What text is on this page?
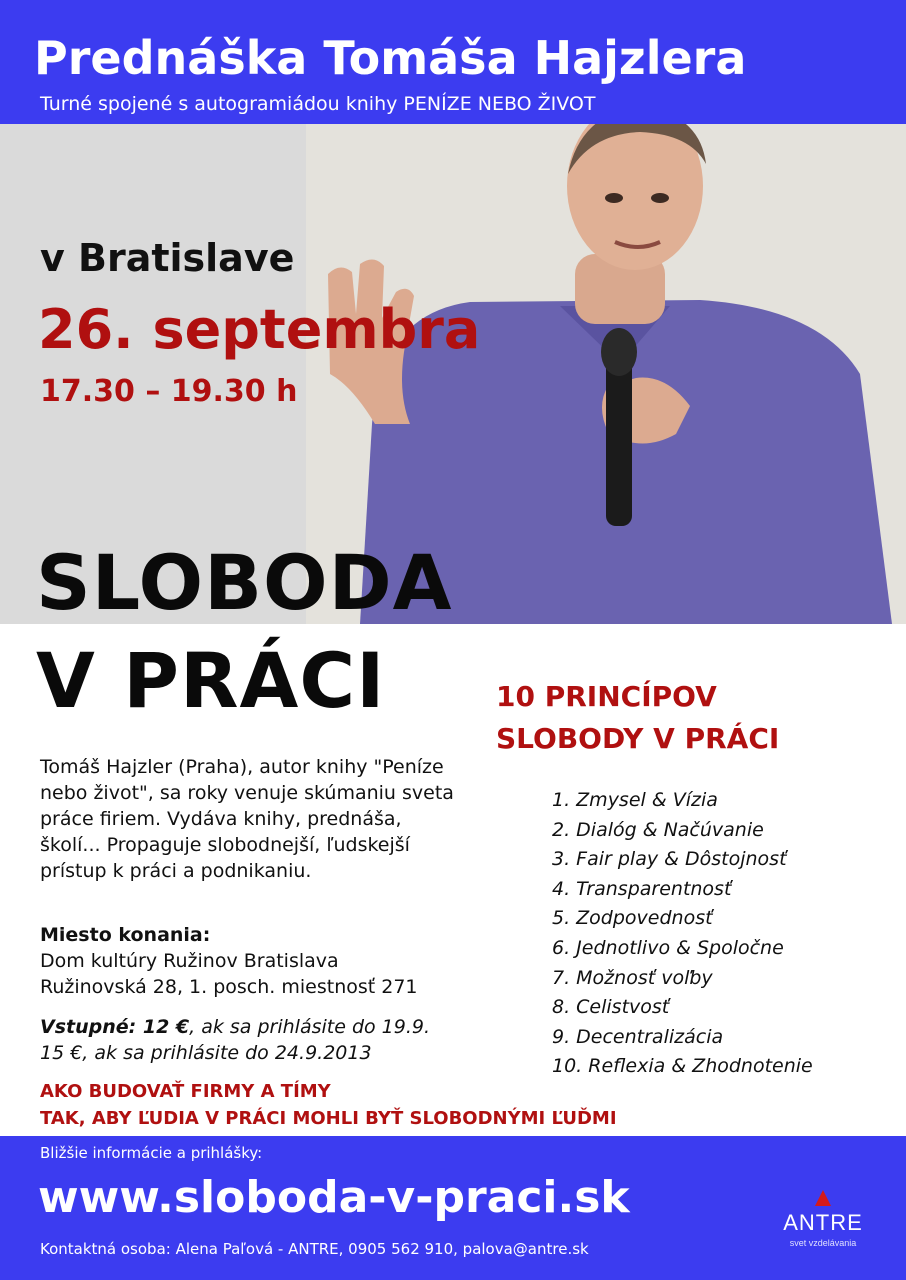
Prednáška Tomáša Hajzlera
Turné spojené s autogramiádou knihy PENÍZE NEBO ŽIVOT
v Bratislave
26. septembra
17.30 – 19.30 h
SLOBODA
V PRÁCI	10 PRINCÍPOV
SLOBODY V PRÁCI
Tomáš Hajzler (Praha), autor knihy "Peníze nebo život", sa roky venuje skúmaniu sveta práce firiem. Vydáva knihy, prednáša, školí... Propaguje slobodnejší, ľudskejší prístup k práci a podnikaniu.
Miesto konania:
Dom kultúry Ružinov Bratislava
Ružinovská 28, 1. posch. miestnosť 271
Vstupné: 12 €, ak sa prihlásite do 19.9.
15 €, ak sa prihlásite do 24.9.2013
1. Zmysel & Vízia
2. Dialóg & Načúvanie
3. Fair play & Dôstojnosť
4. Transparentnosť
5. Zodpovednosť
6. Jednotlivo & Spoločne
7. Možnosť voľby
8. Celistvosť
9. Decentralizácia
10. Reflexia & Zhodnotenie
AKO BUDOVAŤ FIRMY A TÍMY
TAK, ABY ĽUDIA V PRÁCI MOHLI BYŤ SLOBODNÝMI ĽUĎMI
Bližšie informácie a prihlášky:
www.sloboda-v-praci.sk
Kontaktná osoba: Alena Paľová - ANTRE, 0905 562 910, palova@antre.sk
ANTRE
svet vzdelávania
